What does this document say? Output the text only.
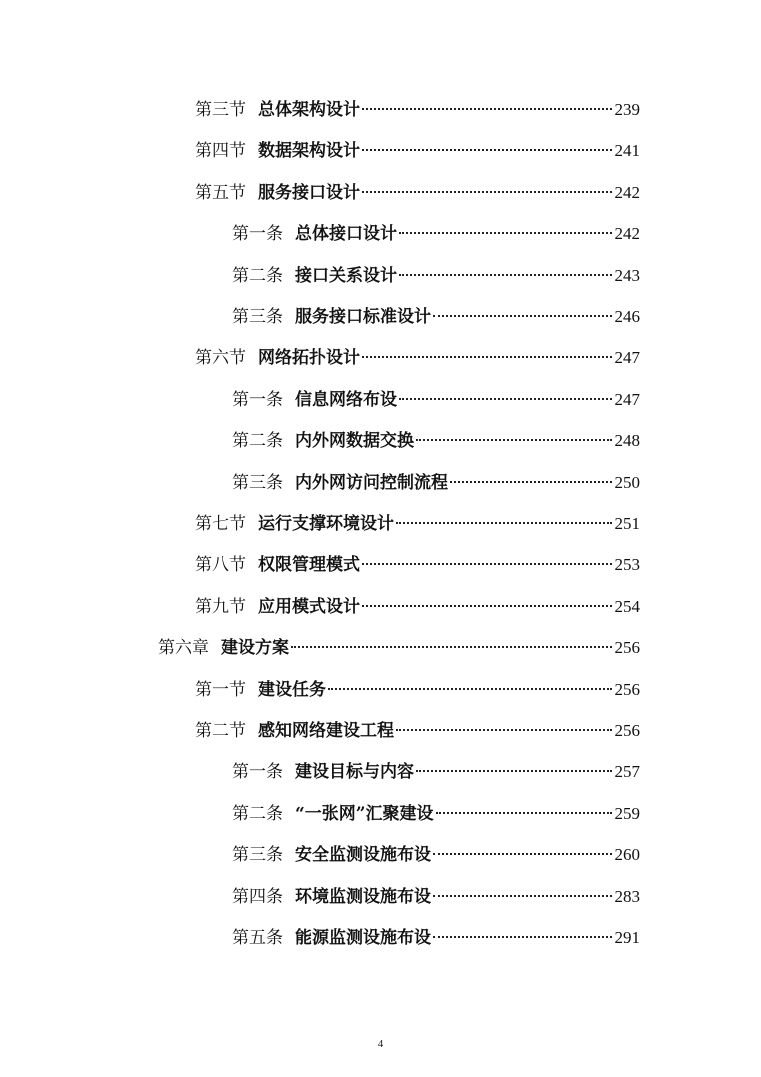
第三节 总体架构设计	239
第四节 数据架构设计	241
第五节 服务接口设计	242
第一条 总体接口设计	242
第二条 接口关系设计	243
第三条 服务接口标准设计	246
第六节 网络拓扑设计	247
第一条 信息网络布设	247
第二条 内外网数据交换	248
第三条 内外网访问控制流程	250
第七节 运行支撑环境设计	251
第八节 权限管理模式	253
第九节 应用模式设计	254
第六章 建设方案	256
第一节 建设任务	256
第二节 感知网络建设工程	256
第一条 建设目标与内容	257
第二条 “一张网”汇聚建设	259
第三条 安全监测设施布设	260
第四条 环境监测设施布设	283
第五条 能源监测设施布设	291
4
